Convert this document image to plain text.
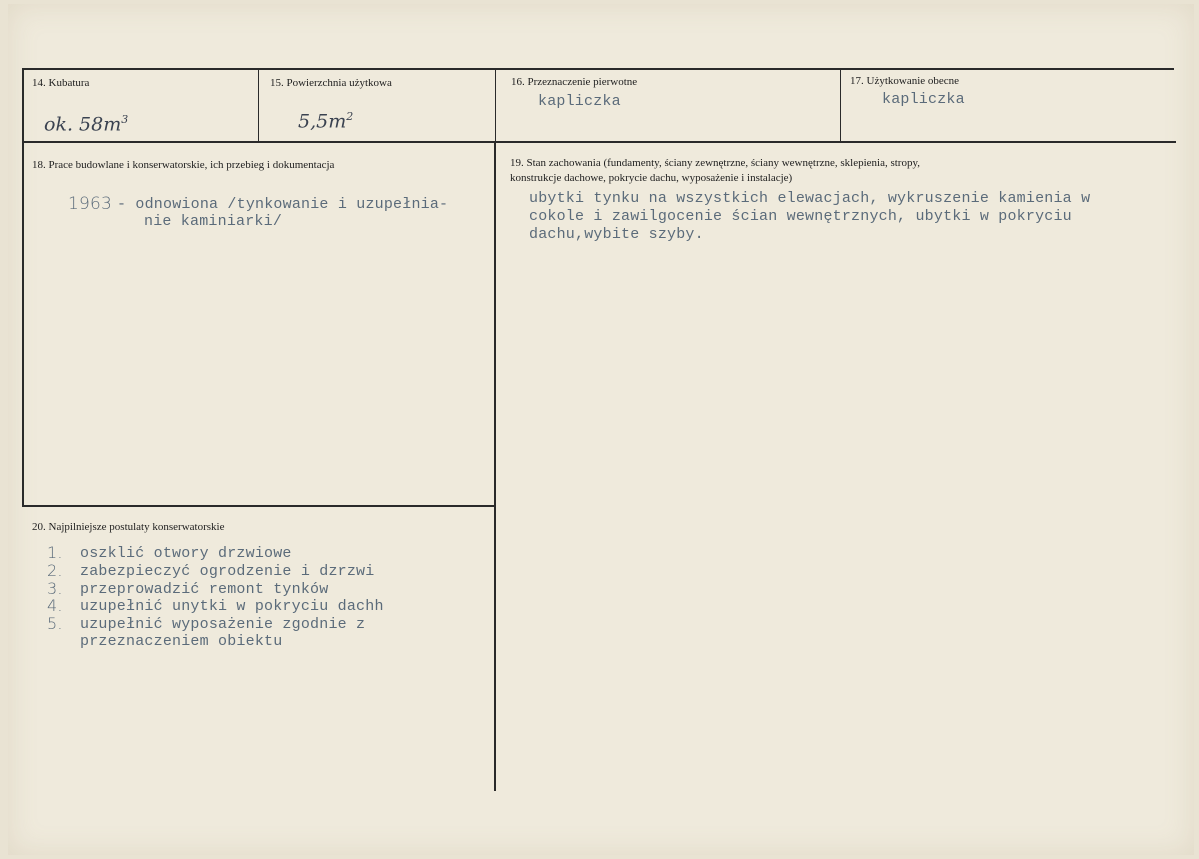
14. Kubatura
ok. $58m^3$
15. Powierzchnia użytkowa
$5,5m^2$
16. Przeznaczenie pierwotne
kapliczka
17. Użytkowanie obecne
kapliczka
18. Prace budowlane i konserwatorskie, ich przebieg i dokumentacja
1963 - odnowiona /tynkowanie i uzupełnia-
nie kaminiarki/
19. Stan zachowania (fundamenty, ściany zewnętrzne, ściany wewnętrzne, sklepienia, stropy,
konstrukcje dachowe, pokrycie dachu, wyposażenie i instalacje)
ubytki tynku na wszystkich elewacjach, wykruszenie kamienia w
cokole i zawilgocenie ścian wewnętrznych, ubytki w pokryciu
dachu,wybite szyby.
20. Najpilniejsze postulaty konserwatorskie
1. oszklić otwory drzwiowe
2. zabezpieczyć ogrodzenie i dzrzwi
3. przeprowadzić remont tynków
4. uzupełnić unytki w pokryciu dachh
5. uzupełnić wyposażenie zgodnie z
przeznaczeniem obiektu
